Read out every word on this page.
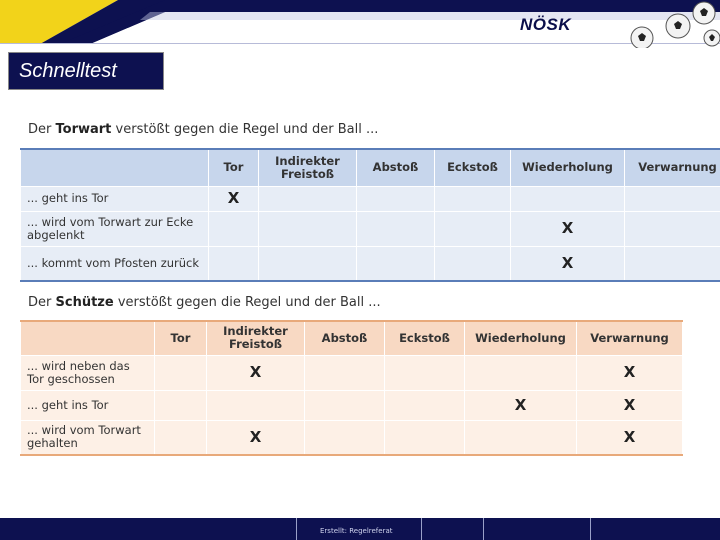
NÖSK
Schnelltest
Der Torwart verstößt gegen die Regel und der Ball ...
	Tor	Indirekter Freistoß	Abstoß	Eckstoß	Wiederholung	Verwarnung
... geht ins Tor	X					
... wird vom Torwart zur Ecke abgelenkt					X	
... kommt vom Pfosten zurück					X	
Der Schütze verstößt gegen die Regel und der Ball ...
	Tor	Indirekter Freistoß	Abstoß	Eckstoß	Wiederholung	Verwarnung
... wird neben das Tor geschossen		X				X
... geht ins Tor					X	X
... wird vom Torwart gehalten		X				X
Erstellt: Regelreferat
